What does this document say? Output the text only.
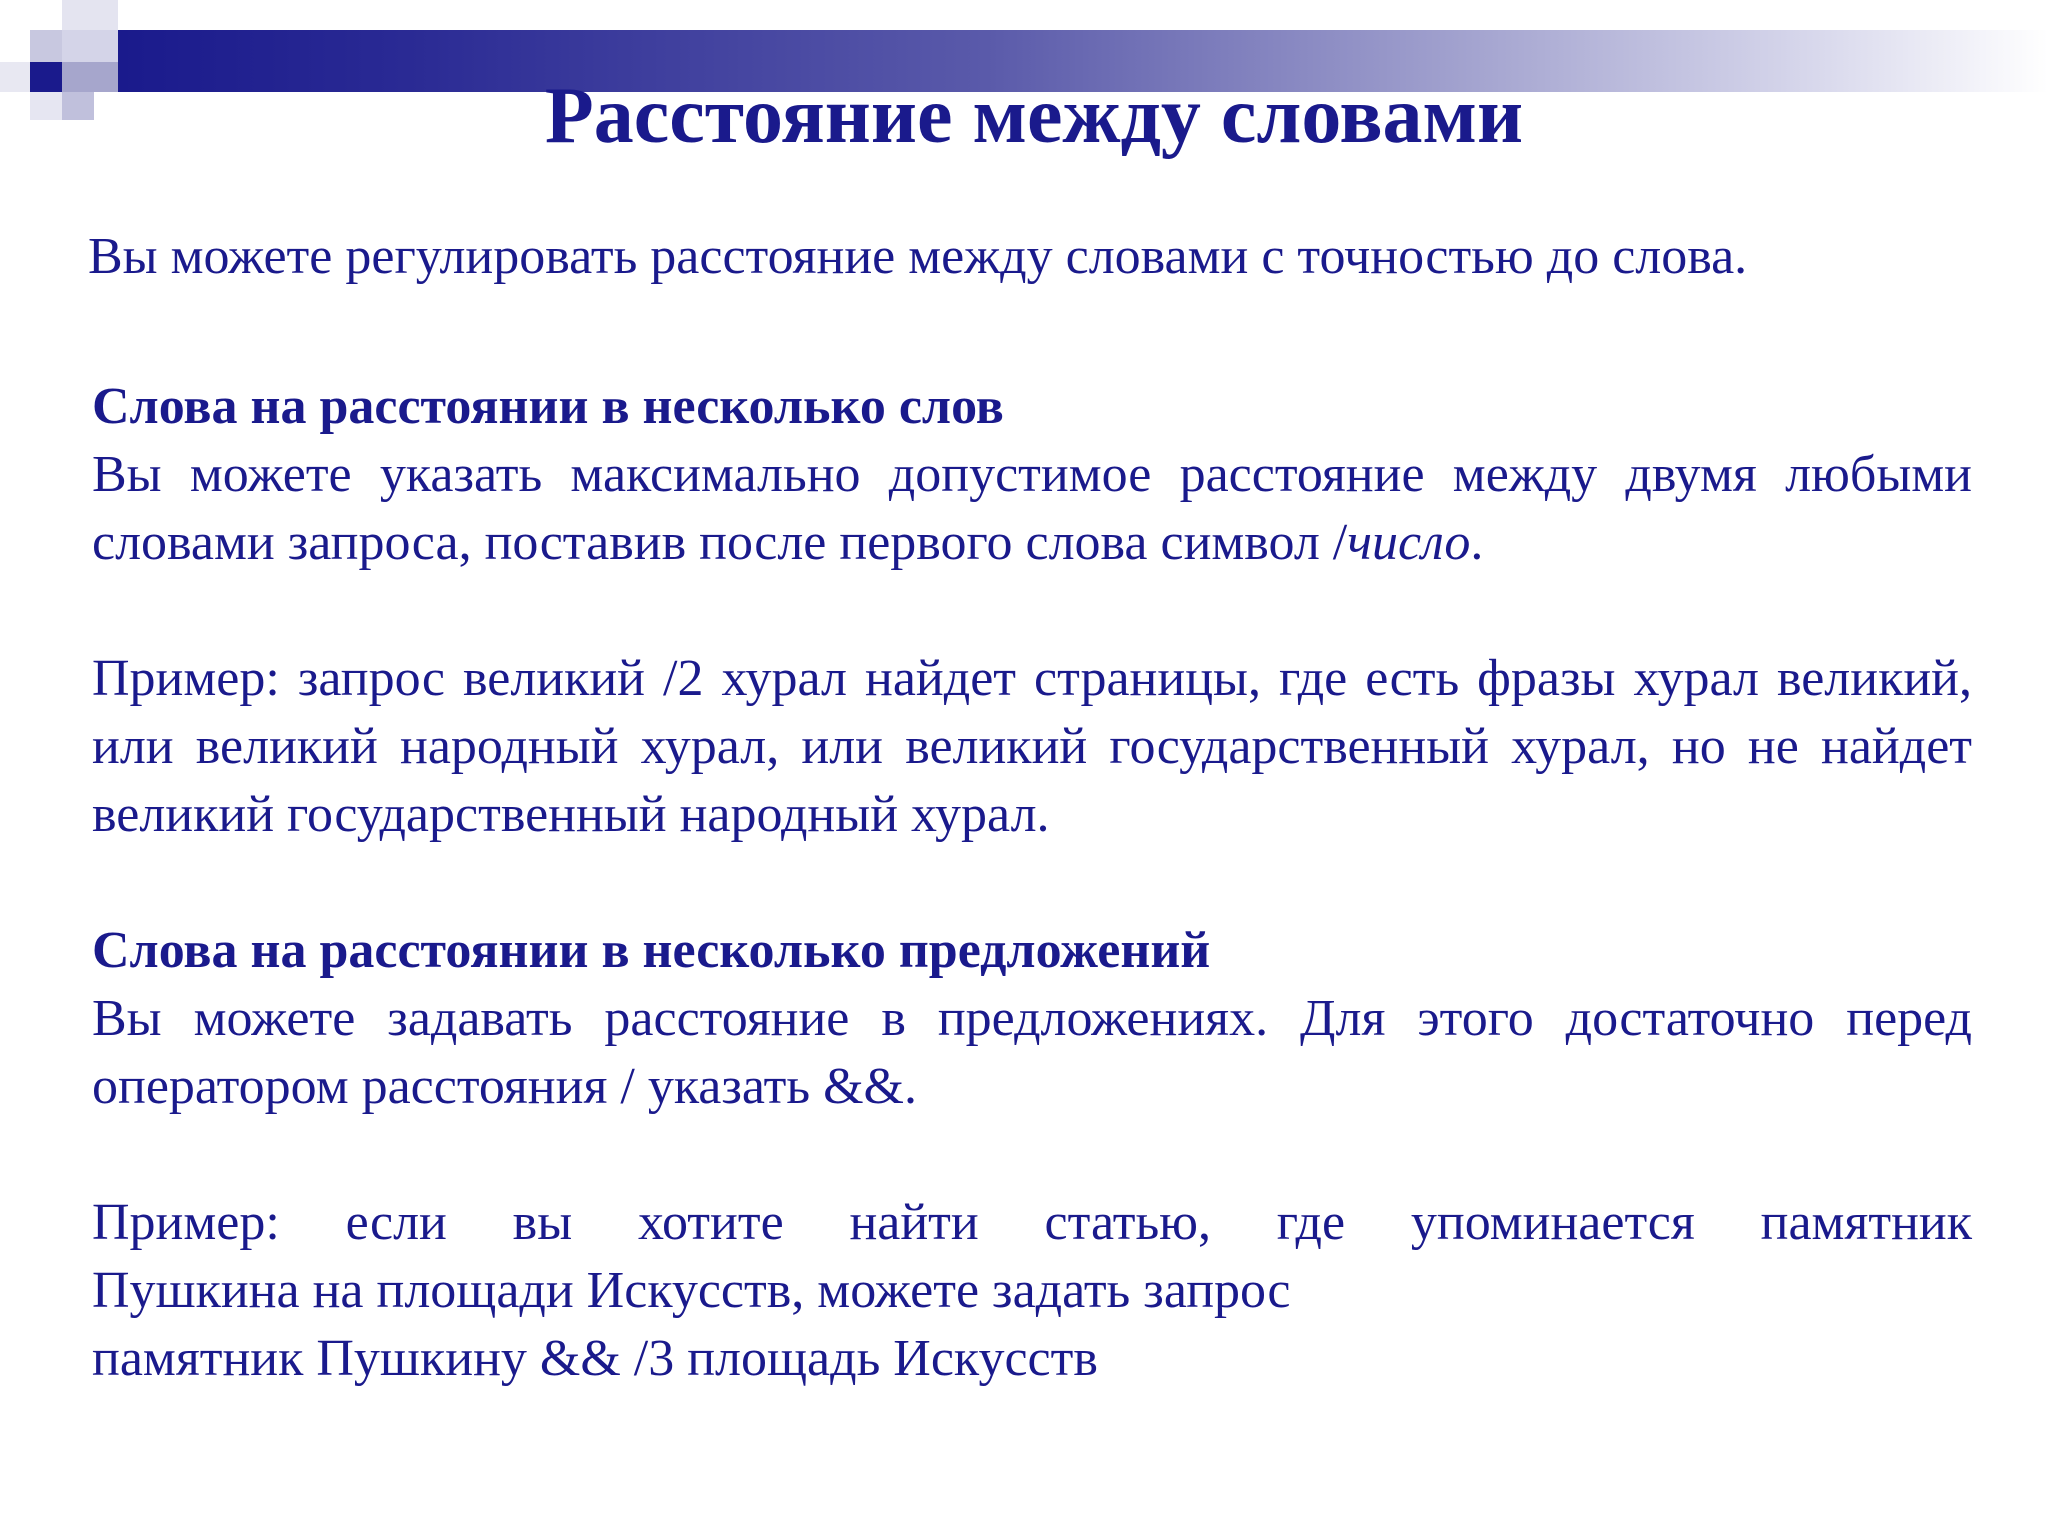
Расстояние между словами

Вы можете регулировать расстояние между словами с точностью до слова.

Слова на расстоянии в несколько слов

Вы можете указать максимально допустимое расстояние между двумя любыми словами запроса, поставив после первого слова символ /число.

Пример: запрос великий /2 хурал найдет страницы, где есть фразы хурал великий, или великий народный хурал, или великий государственный хурал, но не найдет великий государственный народный хурал.

Слова на расстоянии в несколько предложений

Вы можете задавать расстояние в предложениях. Для этого достаточно перед оператором расстояния / указать &&.

Пример: если вы хотите найти статью, где упоминается памятник

Пушкина на площади Искусств, можете задать запрос

памятник Пушкину && /3 площадь Искусств
